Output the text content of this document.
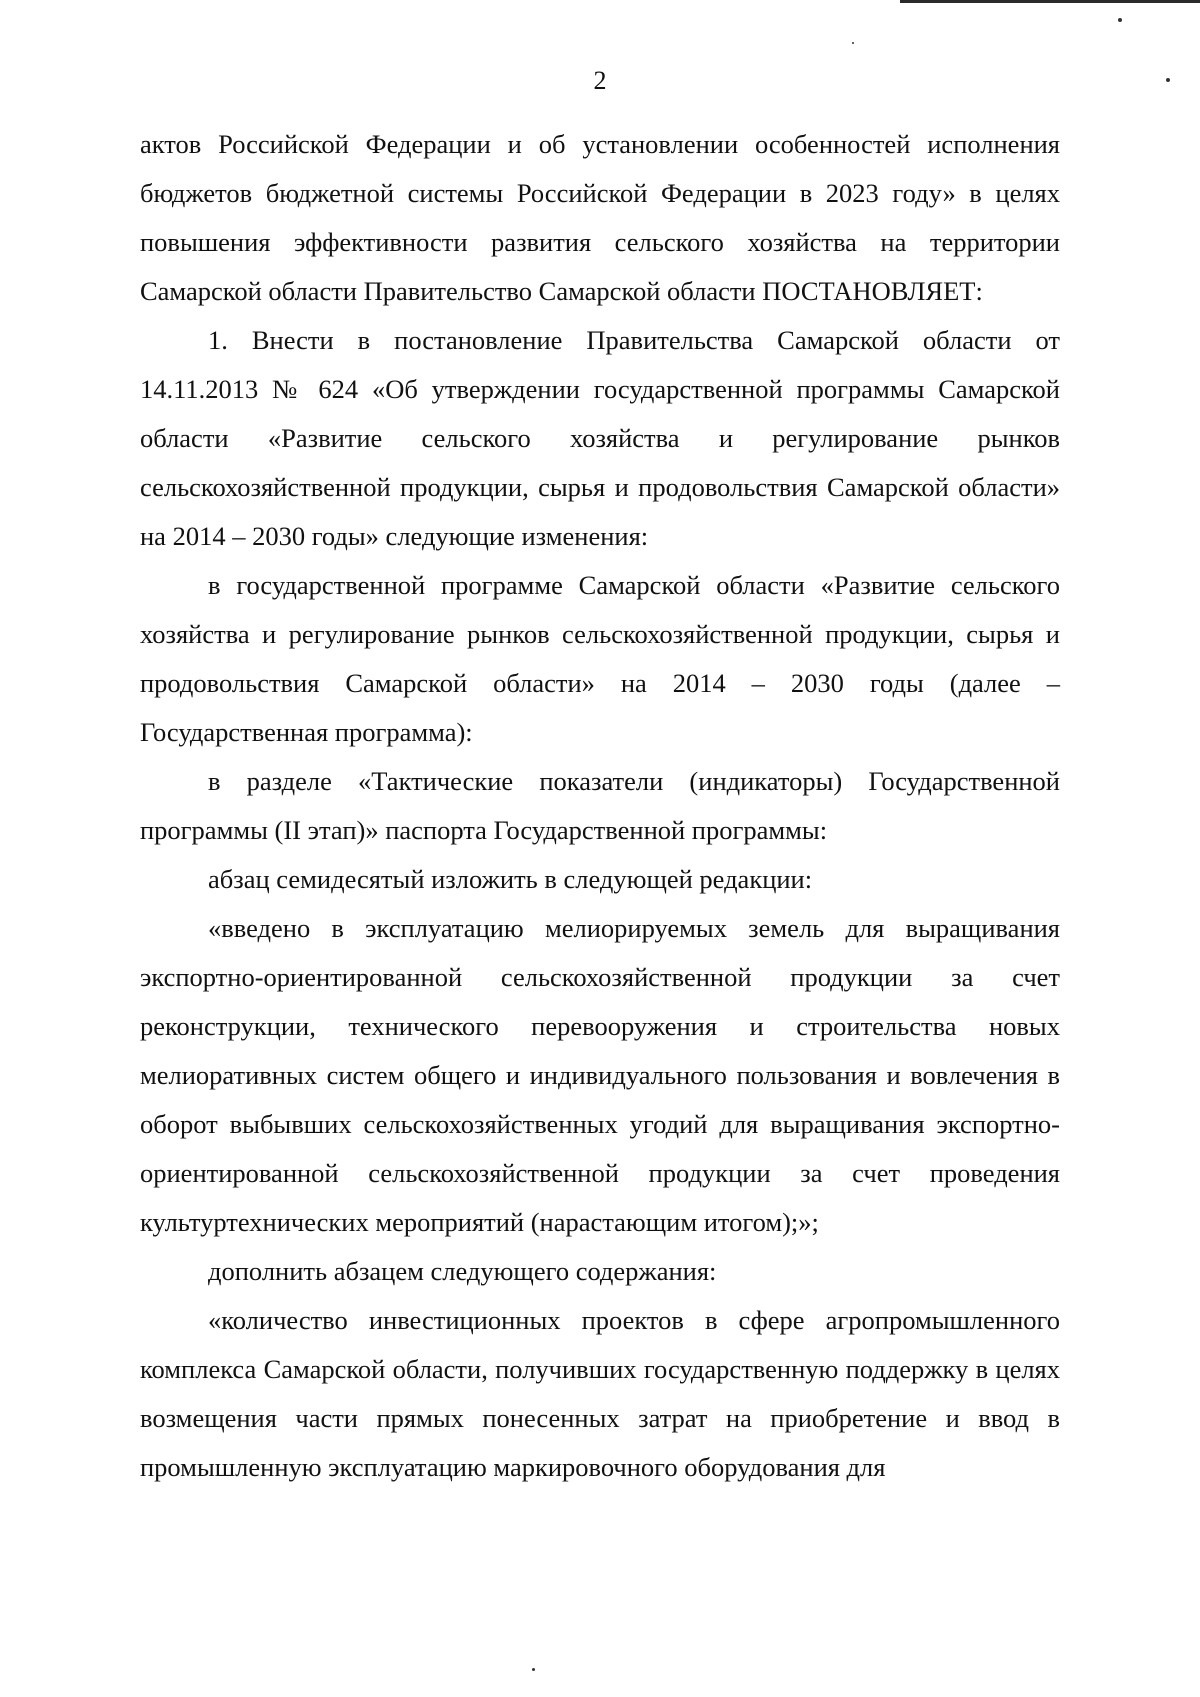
2

актов Российской Федерации и об установлении особенностей исполнения бюджетов бюджетной системы Российской Федерации в 2023 году» в целях повышения эффективности развития сельского хозяйства на территории Самарской области Правительство Самарской области ПОСТАНОВЛЯЕТ:

1. Внести в постановление Правительства Самарской области от 14.11.2013 № 624 «Об утверждении государственной программы Самарской области «Развитие сельского хозяйства и регулирование рынков сельскохозяйственной продукции, сырья и продовольствия Самарской области» на 2014 – 2030 годы» следующие изменения:

в государственной программе Самарской области «Развитие сельского хозяйства и регулирование рынков сельскохозяйственной продукции, сырья и продовольствия Самарской области» на 2014 – 2030 годы (далее – Государственная программа):

в разделе «Тактические показатели (индикаторы) Государственной программы (II этап)» паспорта Государственной программы:

абзац семидесятый изложить в следующей редакции:

«введено в эксплуатацию мелиорируемых земель для выращивания экспортно-ориентированной сельскохозяйственной продукции за счет реконструкции, технического перевооружения и строительства новых мелиоративных систем общего и индивидуального пользования и вовлечения в оборот выбывших сельскохозяйственных угодий для выращивания экспортно-ориентированной сельскохозяйственной продукции за счет проведения культуртехнических мероприятий (нарастающим итогом);»;

дополнить абзацем следующего содержания:

«количество инвестиционных проектов в сфере агропромышленного комплекса Самарской области, получивших государственную поддержку в целях возмещения части прямых понесенных затрат на приобретение и ввод в промышленную эксплуатацию маркировочного оборудования для
